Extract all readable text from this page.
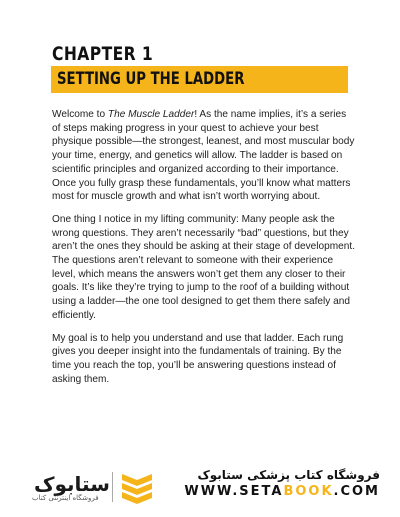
CHAPTER 1
SETTING UP THE LADDER

Welcome to The Muscle Ladder! As the name implies, it’s a series of steps making progress in your quest to achieve your best physique possible—the strongest, leanest, and most muscular body your time, energy, and genetics will allow. The ladder is based on scientific principles and organized according to their importance. Once you fully grasp these fundamentals, you’ll know what matters most for muscle growth and what isn’t worth worrying about.

One thing I notice in my lifting community: Many people ask the wrong questions. They aren’t necessarily “bad” questions, but they aren’t the ones they should be asking at their stage of development. The questions aren’t relevant to someone with their experience level, which means the answers won’t get them any closer to their goals. It’s like they’re trying to jump to the roof of a building without using a ladder—the one tool designed to get them there safely and efficiently.

My goal is to help you understand and use that ladder. Each rung gives you deeper insight into the fundamentals of training. By the time you reach the top, you’ll be answering questions instead of asking them.

ستابوک
فروشگاه اینترنتی کتاب
فروشگاه کتاب پزشکی ستابوک
WWW.SETABOOK.COM
